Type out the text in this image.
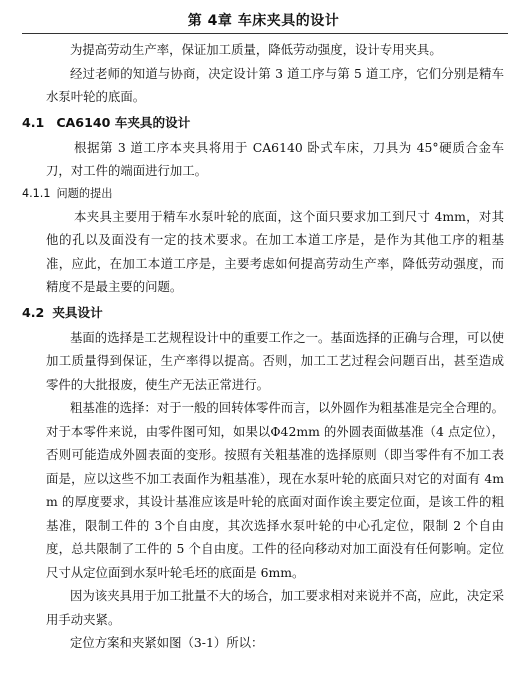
第 4章 车床夹具的设计

为提高劳动生产率，保证加工质量，降低劳动强度，设计专用夹具。

经过老师的知道与协商，决定设计第 3 道工序与第 5 道工序，它们分别是精车水泵叶轮的底面。

4.1 CA6140 车夹具的设计

根据第 3 道工序本夹具将用于 CA6140 卧式车床，刀具为 45°硬质合金车刀，对工件的端面进行加工。

4.1.1 问题的提出

本夹具主要用于精车水泵叶轮的底面，这个面只要求加工到尺寸 4mm，对其他的孔以及面没有一定的技术要求。在加工本道工序是，是作为其他工序的粗基准，应此，在加工本道工序是，主要考虑如何提高劳动生产率，降低劳动强度，而精度不是最主要的问题。

4.2 夹具设计

基面的选择是工艺规程设计中的重要工作之一。基面选择的正确与合理，可以使加工质量得到保证，生产率得以提高。否则，加工工艺过程会问题百出，甚至造成零件的大批报废，使生产无法正常进行。

粗基准的选择：对于一般的回转体零件而言，以外圆作为粗基准是完全合理的。对于本零件来说，由零件图可知，如果以Φ42mm 的外圆表面做基准（4 点定位），否则可能造成外圆表面的变形。按照有关粗基准的选择原则（即当零件有不加工表面是，应以这些不加工表面作为粗基准），现在水泵叶轮的底面只对它的对面有 4mm 的厚度要求，其设计基准应该是叶轮的底面对面作诶主要定位面，是该工件的粗基准，限制工件的 3个自由度，其次选择水泵叶轮的中心孔定位，限制 2 个自由度，总共限制了工件的 5 个自由度。工件的径向移动对加工面没有任何影响。定位尺寸从定位面到水泵叶轮毛坯的底面是 6mm。

因为该夹具用于加工批量不大的场合，加工要求相对来说并不高，应此，决定采用手动夹紧。

定位方案和夹紧如图（3-1）所以：
